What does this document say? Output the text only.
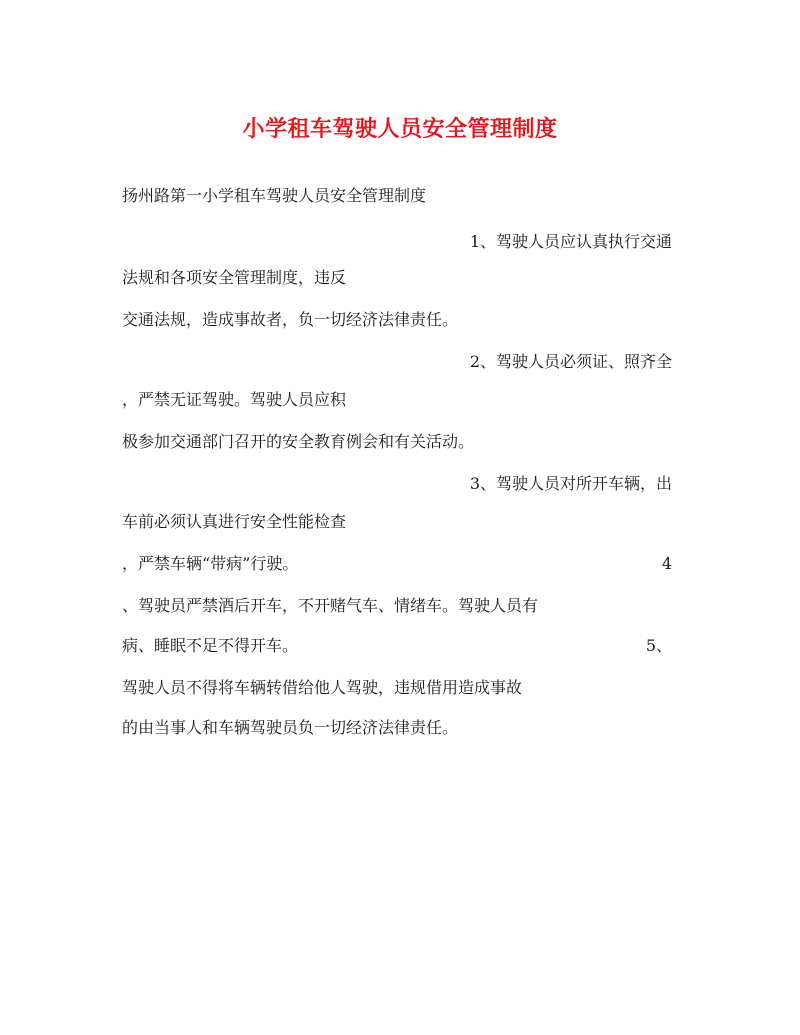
小学租车驾驶人员安全管理制度
扬州路第一小学租车驾驶人员安全管理制度
1、驾驶人员应认真执行交通
法规和各项安全管理制度，违反
交通法规，造成事故者，负一切经济法律责任。
2、驾驶人员必须证、照齐全
，严禁无证驾驶。驾驶人员应积
极参加交通部门召开的安全教育例会和有关活动。
3、驾驶人员对所开车辆，出
车前必须认真进行安全性能检查
，严禁车辆“带病”行驶。	4
、驾驶员严禁酒后开车，不开赌气车、情绪车。驾驶人员有
病、睡眠不足不得开车。	5、
驾驶人员不得将车辆转借给他人驾驶，违规借用造成事故
的由当事人和车辆驾驶员负一切经济法律责任。
